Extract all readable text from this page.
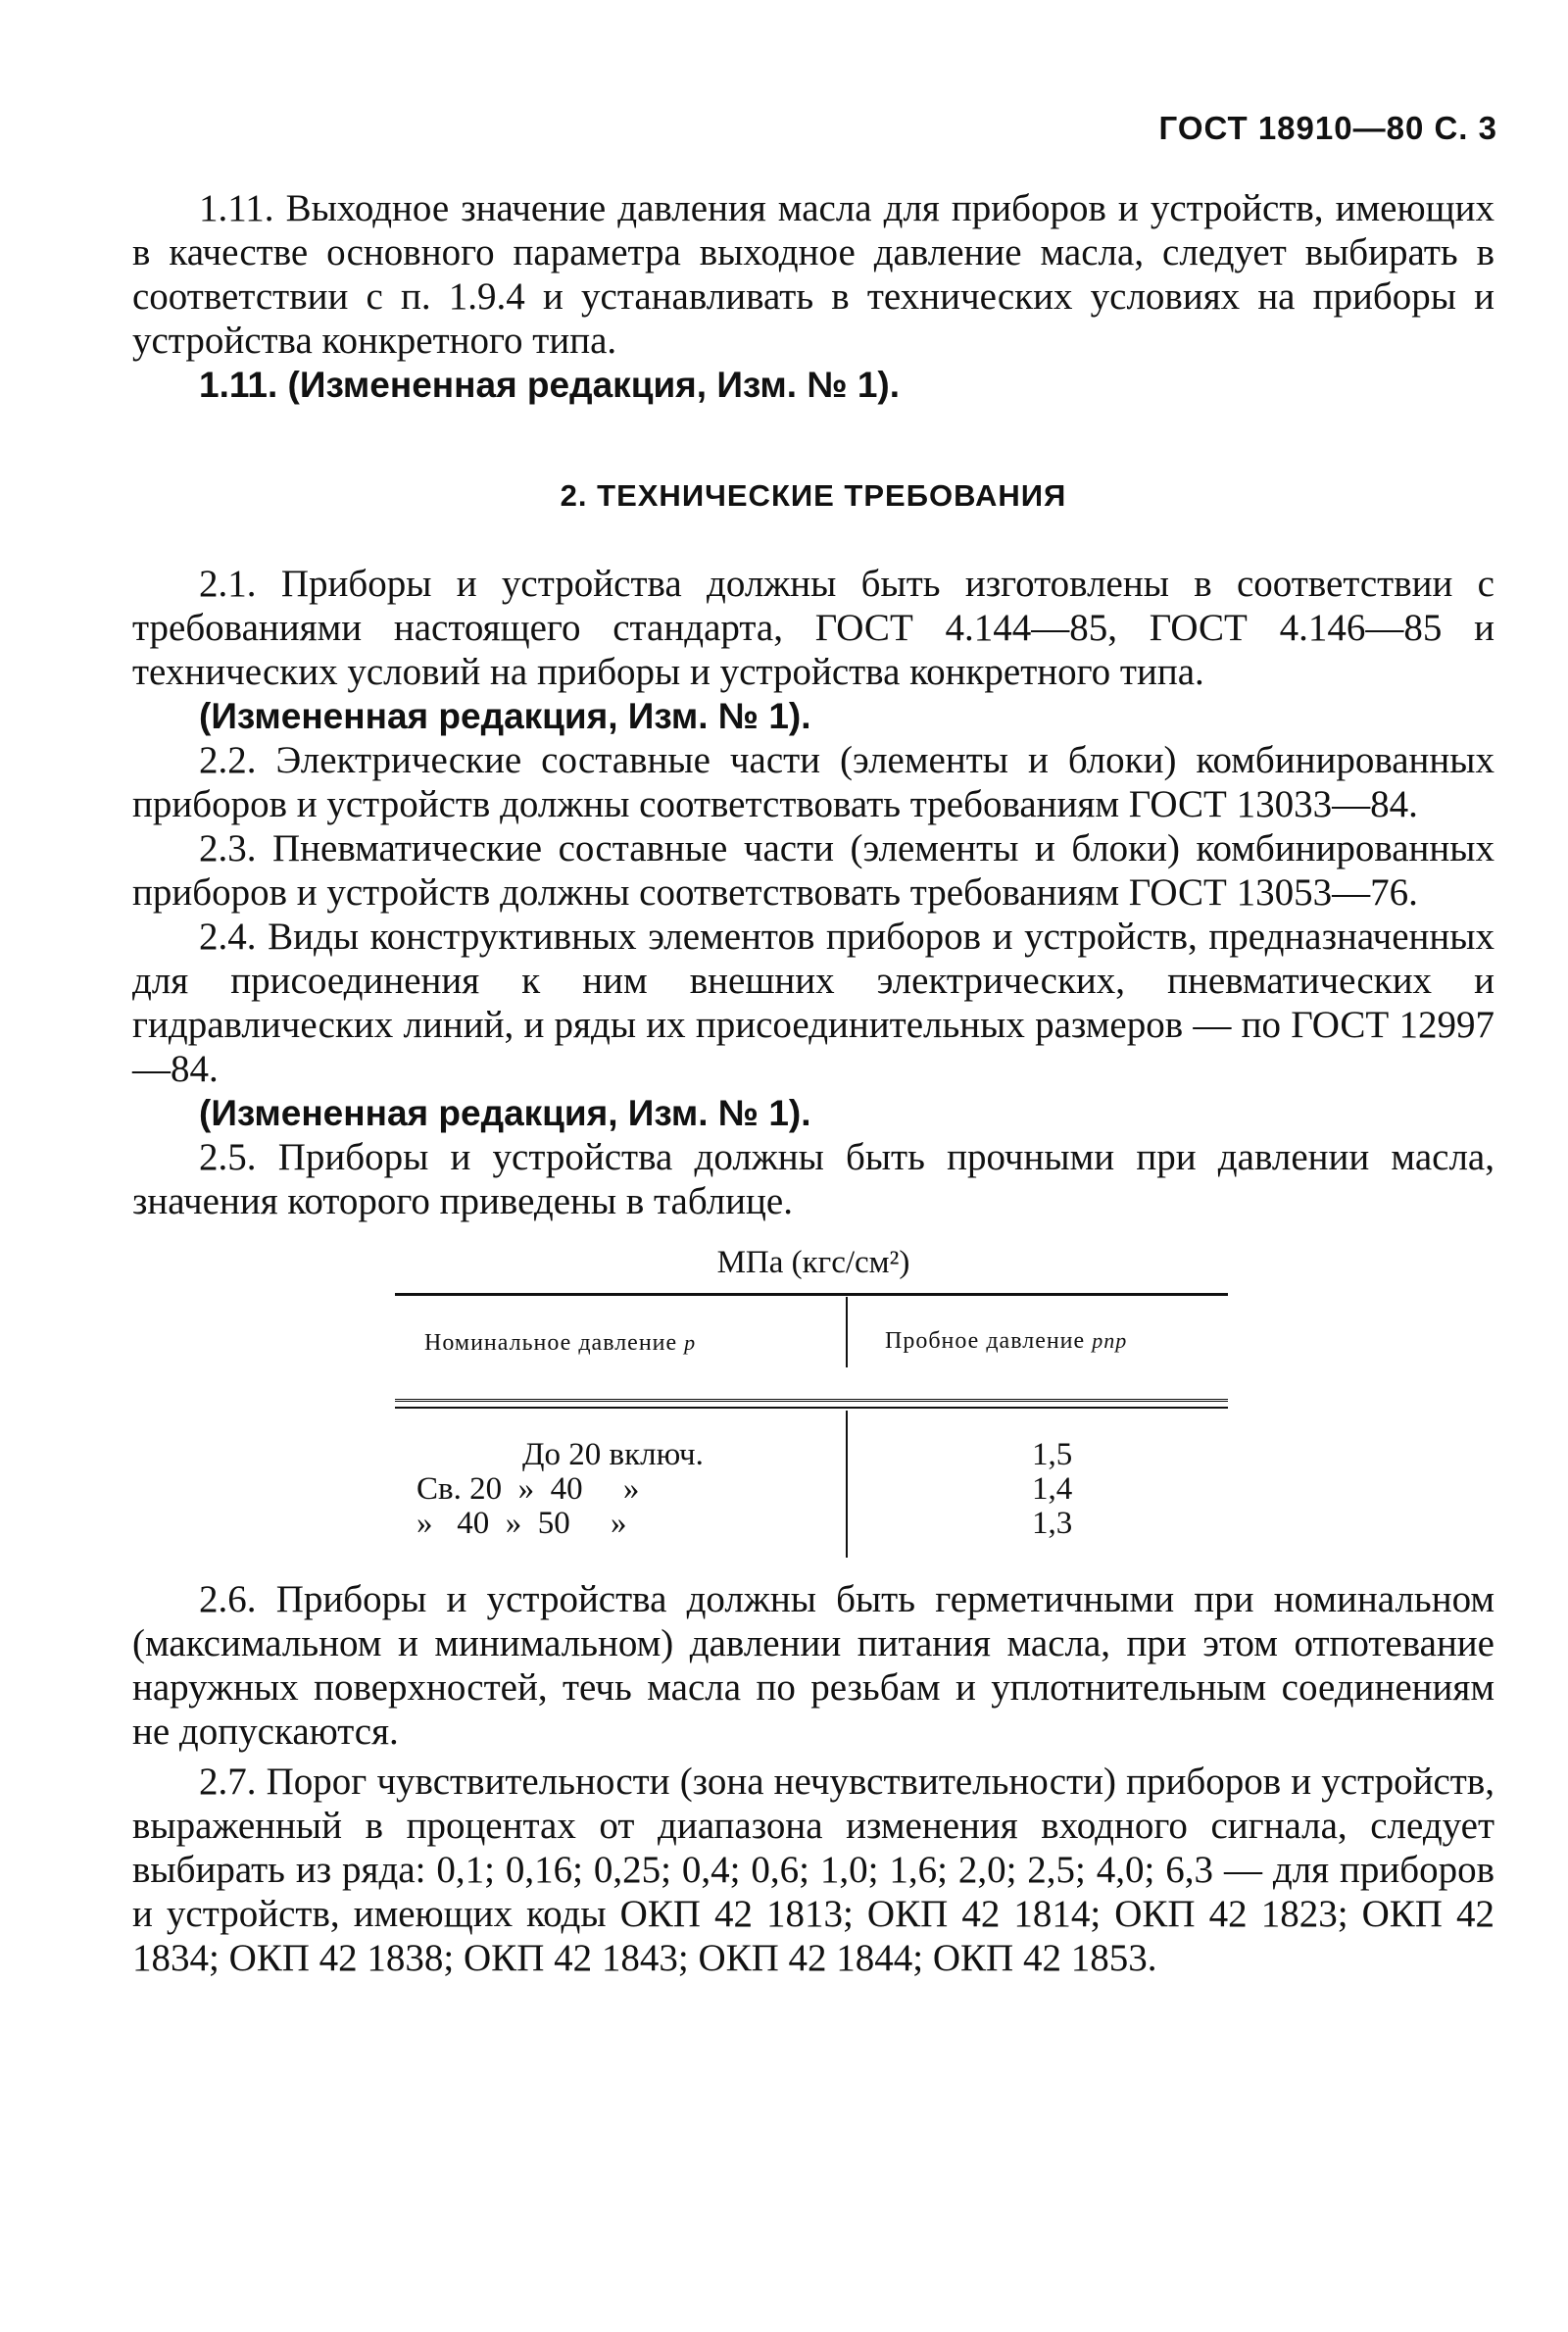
ГОСТ 18910—80 С. 3

1.11. Выходное значение давления масла для приборов и устройств, имеющих в качестве основного параметра выходное давление масла, следует выбирать в соответствии с п. 1.9.4 и устанавливать в технических условиях на приборы и устройства конкретного типа.

1.11. (Измененная редакция, Изм. № 1).

2. ТЕХНИЧЕСКИЕ ТРЕБОВАНИЯ

2.1. Приборы и устройства должны быть изготовлены в соответствии с требованиями настоящего стандарта, ГОСТ 4.144—85, ГОСТ 4.146—85 и технических условий на приборы и устройства конкретного типа.

(Измененная редакция, Изм. № 1).

2.2. Электрические составные части (элементы и блоки) комбинированных приборов и устройств должны соответствовать требованиям ГОСТ 13033—84.

2.3. Пневматические составные части (элементы и блоки) комбинированных приборов и устройств должны соответствовать требованиям ГОСТ 13053—76.

2.4. Виды конструктивных элементов приборов и устройств, предназначенных для присоединения к ним внешних электрических, пневматических и гидравлических линий, и ряды их присоединительных размеров — по ГОСТ 12997—84.

(Измененная редакция, Изм. № 1).

2.5. Приборы и устройства должны быть прочными при давлении масла, значения которого приведены в таблице.

МПа (кгс/см²)
Номинальное давление p	Пробное давление pпр
До 20 включ.	1,5
Св. 20  »  40     »	1,4
»   40  »  50     »	1,3

2.6. Приборы и устройства должны быть герметичными при номинальном (максимальном и минимальном) давлении питания масла, при этом отпотевание наружных поверхностей, течь масла по резьбам и уплотнительным соединениям не допускаются.

2.7. Порог чувствительности (зона нечувствительности) приборов и устройств, выраженный в процентах от диапазона изменения входного сигнала, следует выбирать из ряда: 0,1; 0,16; 0,25; 0,4; 0,6; 1,0; 1,6; 2,0; 2,5; 4,0; 6,3 — для приборов и устройств, имеющих коды ОКП 42 1813; ОКП 42 1814; ОКП 42 1823; ОКП 42 1834; ОКП 42 1838; ОКП 42 1843; ОКП 42 1844; ОКП 42 1853.
